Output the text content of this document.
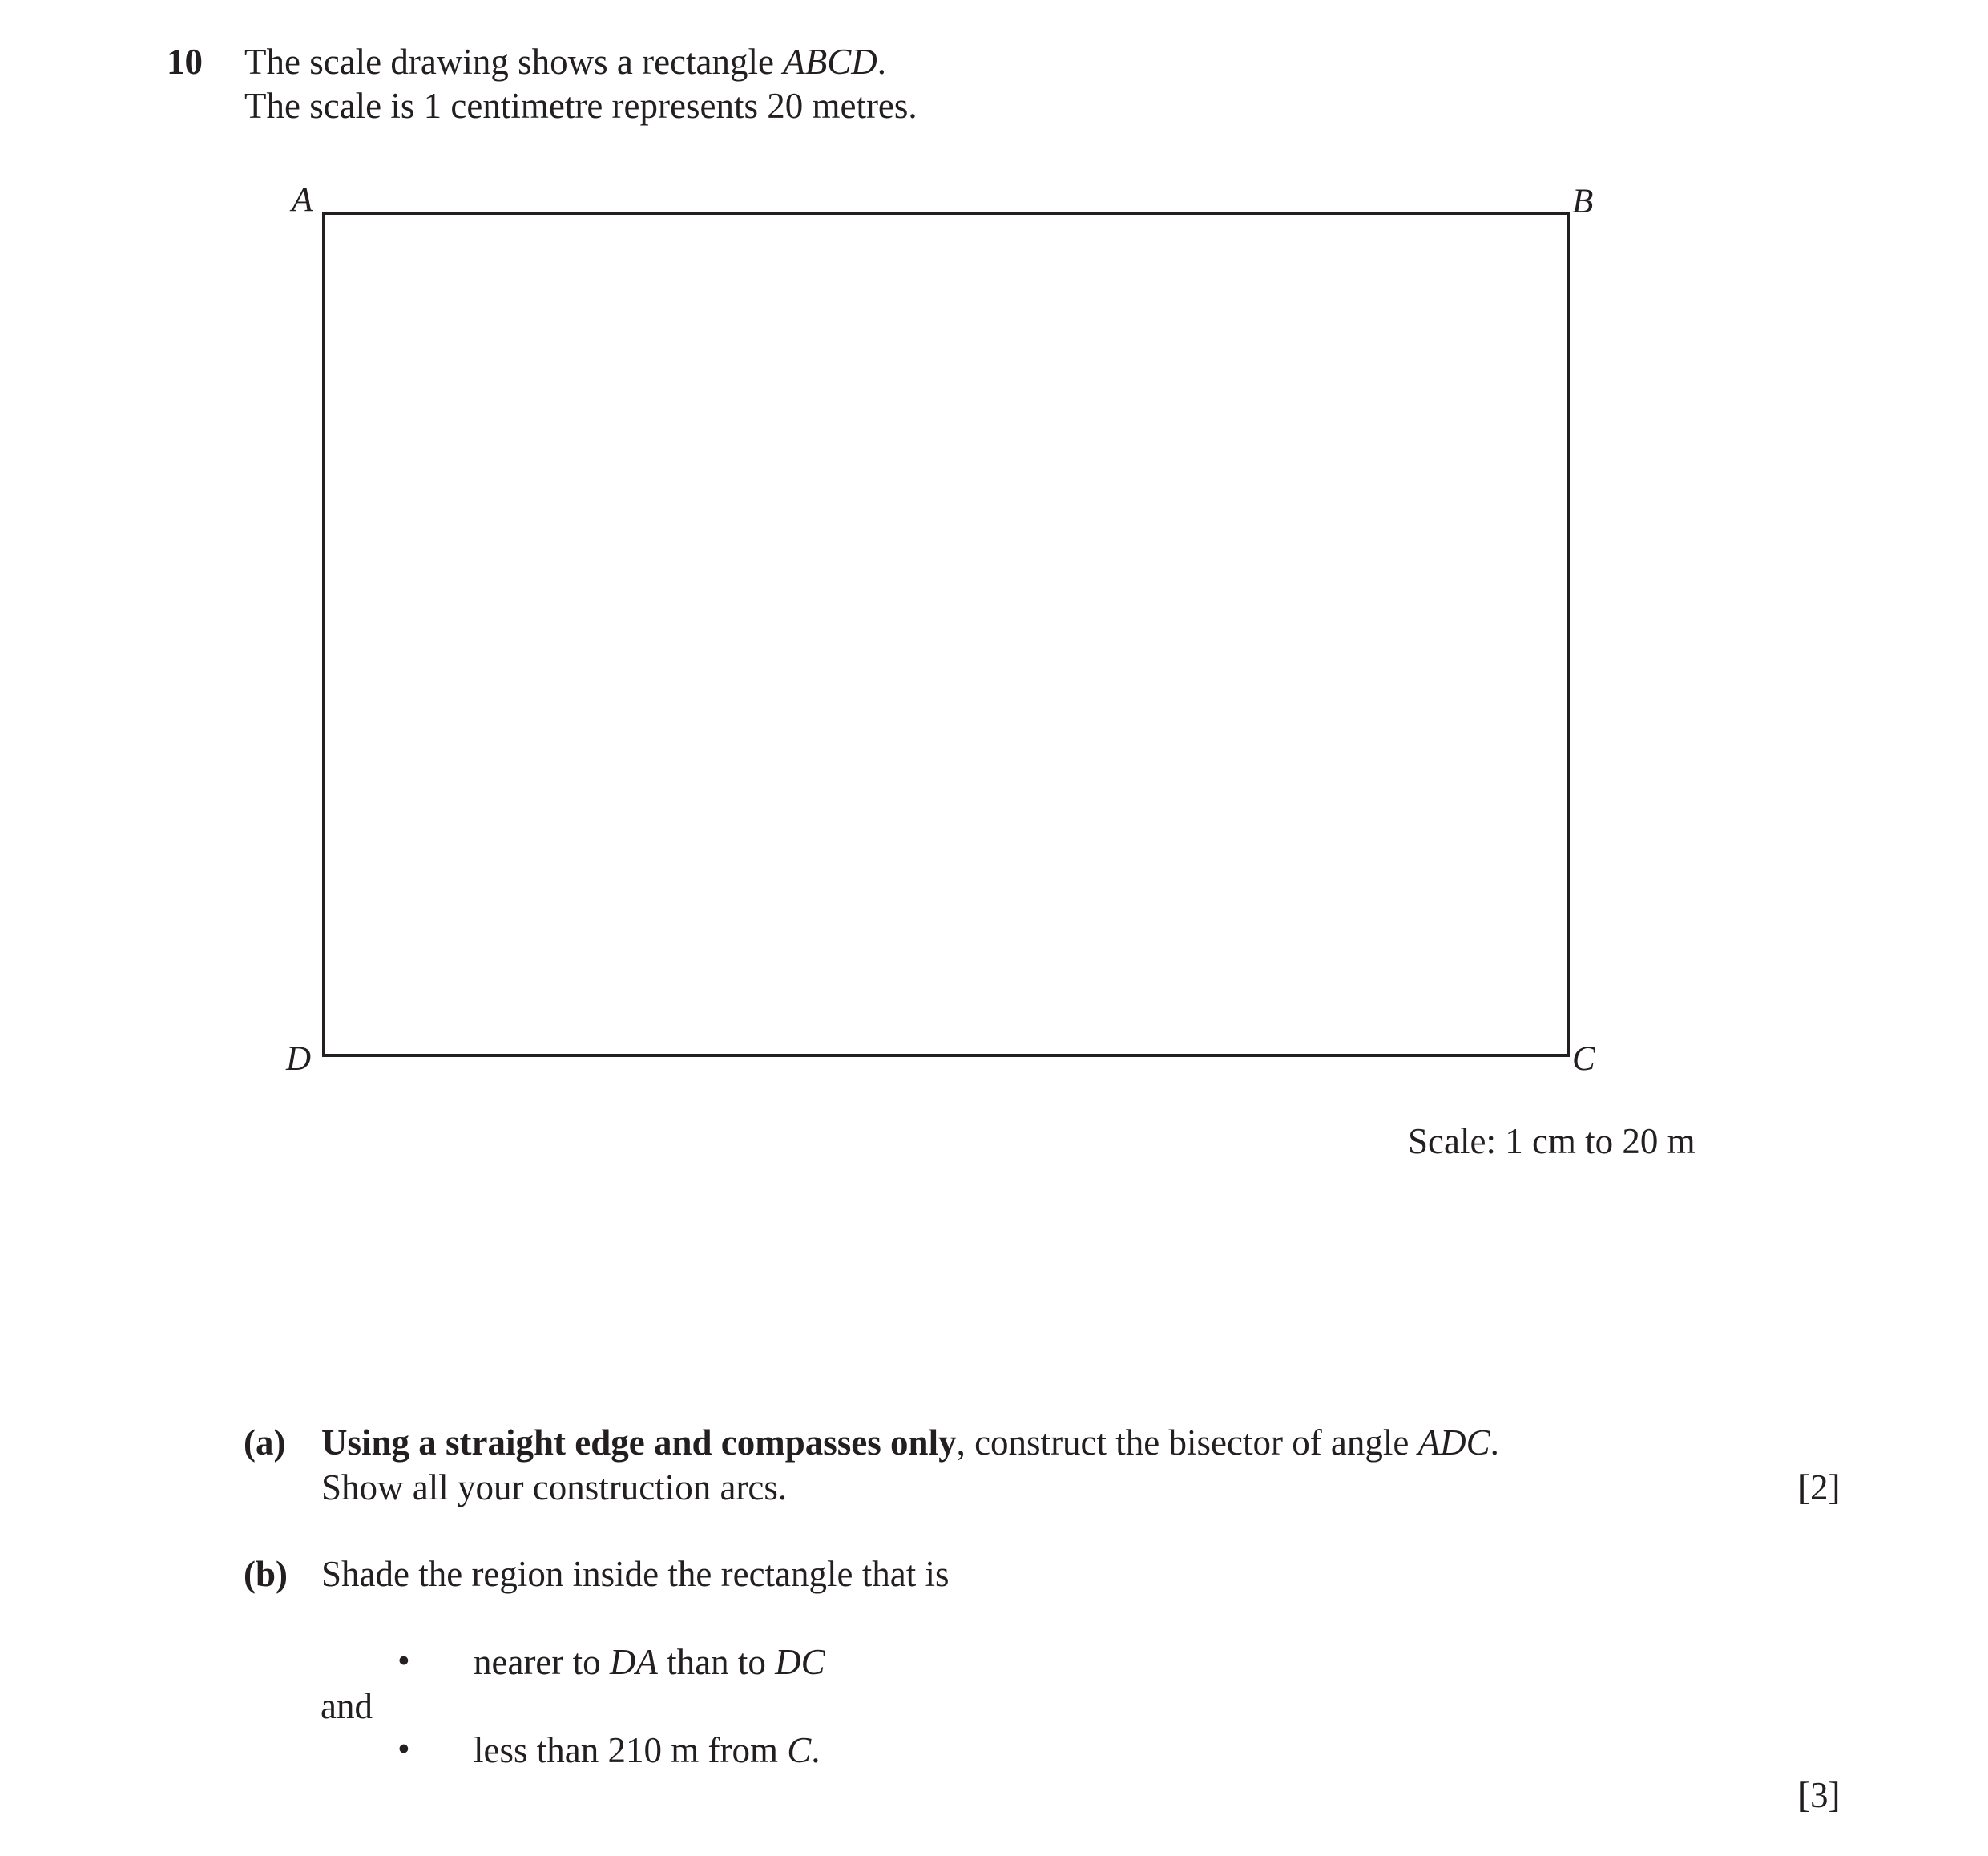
10 The scale drawing shows a rectangle ABCD.
The scale is 1 centimetre represents 20 metres.
A	B
C
D
Scale: 1 cm to 20 m
(a) Using a straight edge and compasses only, construct the bisector of angle ADC.
Show all your construction arcs.	[2]
(b) Shade the region inside the rectangle that is
• nearer to DA than to DC
and
• less than 210 m from C.
[3]
